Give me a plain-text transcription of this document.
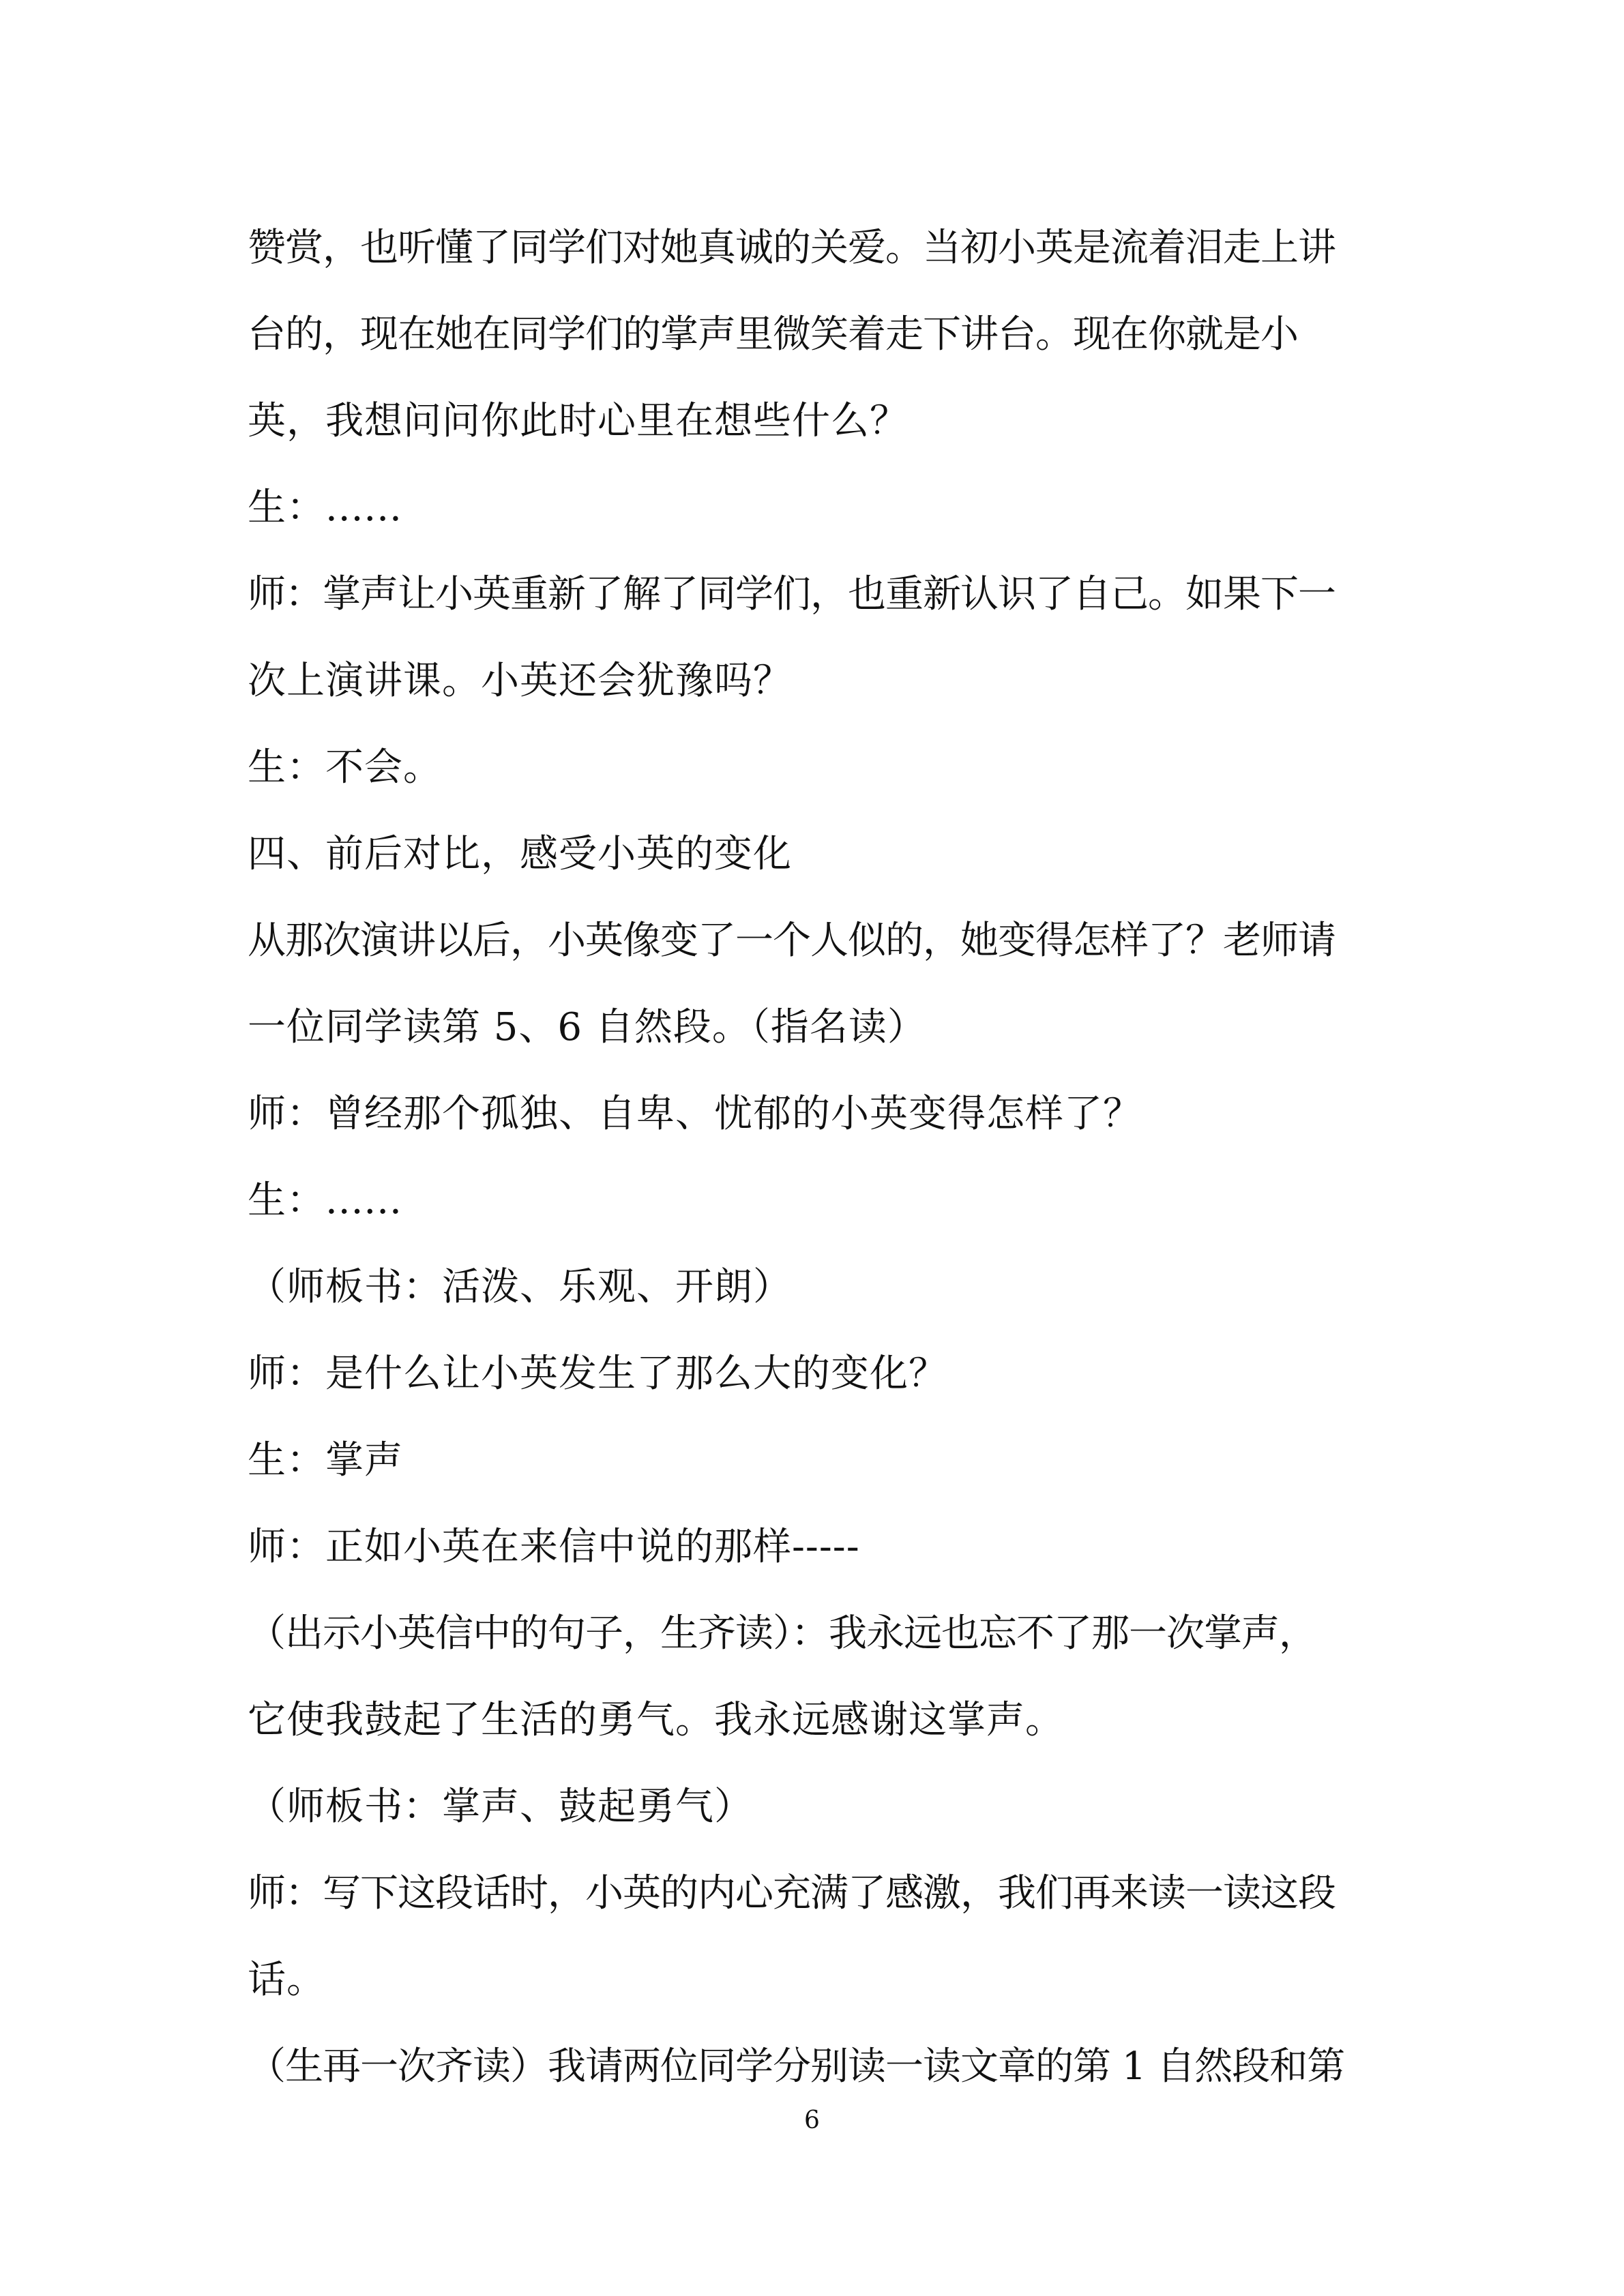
赞赏，也听懂了同学们对她真诚的关爱。当初小英是流着泪走上讲
台的，现在她在同学们的掌声里微笑着走下讲台。现在你就是小
英，我想问问你此时心里在想些什么？
生：......
师：掌声让小英重新了解了同学们，也重新认识了自己。如果下一
次上演讲课。小英还会犹豫吗？
生：不会。
四、前后对比，感受小英的变化
从那次演讲以后，小英像变了一个人似的，她变得怎样了？老师请
一位同学读第 5、6 自然段。（指名读）
师：曾经那个孤独、自卑、忧郁的小英变得怎样了？
生：......
（师板书：活泼、乐观、开朗）
师：是什么让小英发生了那么大的变化？
生：掌声
师：正如小英在来信中说的那样-----
（出示小英信中的句子，生齐读）：我永远也忘不了那一次掌声，
它使我鼓起了生活的勇气。我永远感谢这掌声。
（师板书：掌声、鼓起勇气）
师：写下这段话时，小英的内心充满了感激，我们再来读一读这段
话。
（生再一次齐读）我请两位同学分别读一读文章的第 1 自然段和第
6
